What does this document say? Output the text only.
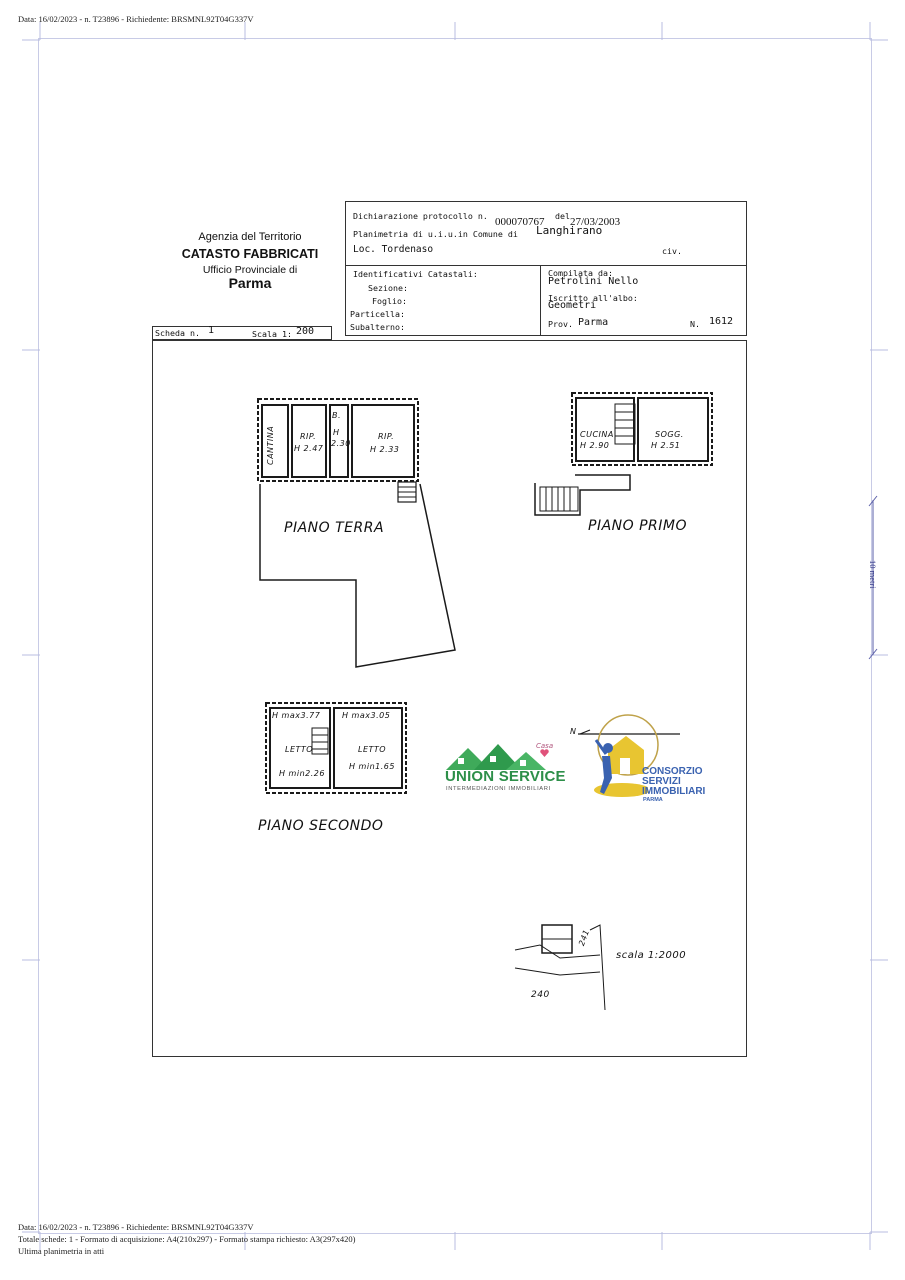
Data: 16/02/2023 - n. T23896 - Richiedente: BRSMNL92T04G337V
10 metri
Agenzia del Territorio
CATASTO FABBRICATI
Ufficio Provinciale di
Parma
Dichiarazione protocollo n. 000070767 del 27/03/2003
Planimetria di u.i.u.in Comune di Langhirano
Loc. Tordenaso	civ.
Identificativi Catastali:
Sezione:
Foglio:
Particella:
Subalterno:
Compilata da:
Petrolini Nello
Iscritto all'albo:
Geometri
Prov. Parma	N. 1612
Scheda n. 1	Scala 1: 200
PIANO TERRA	PIANO PRIMO
PIANO SECONDO
CANTINA	RIP.
H 2.47
B.
H
2.30
RIP.
H 2.33
CUCINA
H 2.90
SOGG.
H 2.51
H max3.77	H max3.05
LETTO	LETTO
H min2.26
H min1.65
N
scala 1:2000
241
240
Casa
UNION SERVICE
INTERMEDIAZIONI IMMOBILIARI
CONSORZIO
SERVIZI
IMMOBILIARI
PARMA
Data: 16/02/2023 - n. T23896 - Richiedente: BRSMNL92T04G337V
Totale schede: 1 - Formato di acquisizione: A4(210x297) - Formato stampa richiesto: A3(297x420)
Ultima planimetria in atti
